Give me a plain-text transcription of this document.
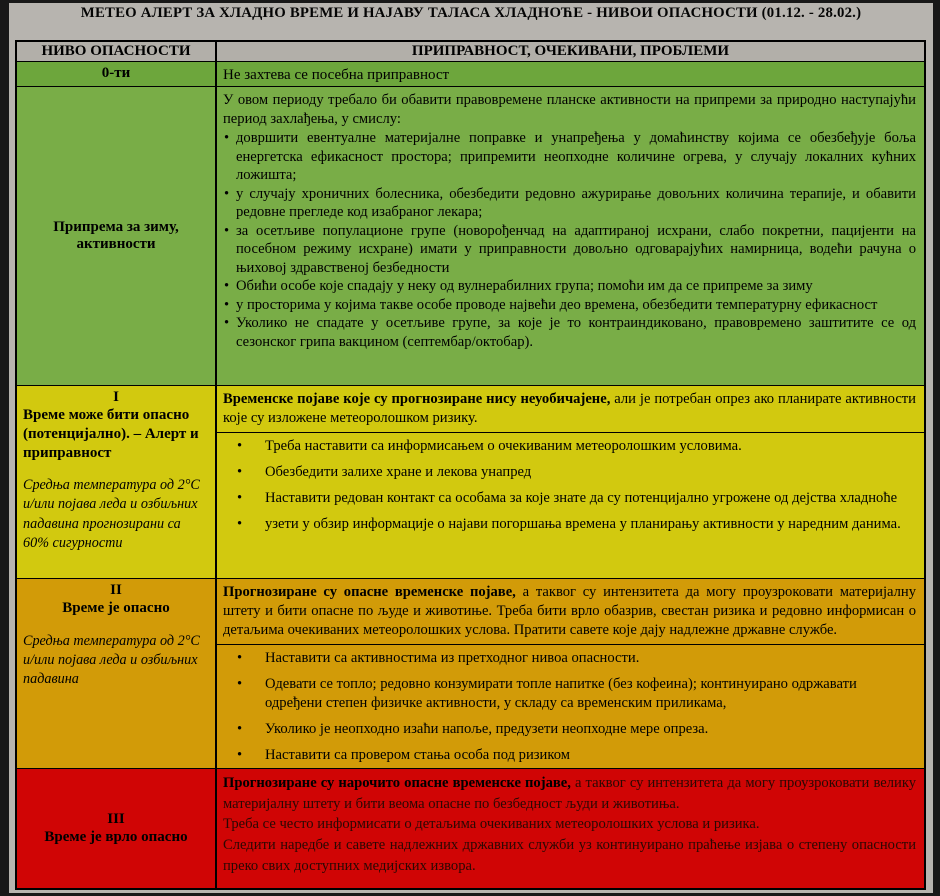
МЕТЕО АЛЕРТ ЗА ХЛАДНО ВРЕМЕ И НАЈАВУ ТАЛАСА ХЛАДНОЋЕ - НИВОИ ОПАСНОСТИ (01.12. - 28.02.)
НИВО ОПАСНОСТИ	ПРИПРАВНОСТ, ОЧЕКИВАНИ, ПРОБЛЕМИ
0-ти	Не захтева се посебна приправност
Припрема за зиму, активности
У овом периоду требало би обавити правовремене планске активности на припреми за природно наступајући период захлађења, у смислу:
• довршити евентуалне материјалне поправке и унапређења у домаћинству којима се обезбеђује боља енергетска ефикасност простора; припремити неопходне количине огрева, у случају локалних кућних ложишта;
• у случају хроничних болесника, обезбедити редовно ажурирање довољних количина терапије, и обавити редовне прегледе код изабраног лекара;
• за осетљиве популационе групе (новорођенчад на адаптираној исхрани, слабо покретни, пацијенти на посебном режиму исхране) имати у приправности довољно одговарајућих намирница, водећи рачуна о њиховој здравственој безбедности
• Обићи особе које спадају у неку од вулнерабилних група; помоћи им да се припреме за зиму
• у просторима у којима такве особе проводе највећи део времена, обезбедити температурну ефикасност
• Уколико не спадате у осетљиве групе, за које је то контраиндиковано, правовремено заштитите се од сезонског грипа вакцином (септембар/октобар).
I
Време може бити опасно (потенцијално). – Алерт и приправност
Средња температура од 2°С и/или појава леда и озбиљних падавина прогнозирани са 60% сигурности
Временске појаве које су прогнозиране нису неуобичајене, али је потребан опрез ако планирате активности које су изложене метеоролошком ризику.
• Треба наставити са информисањем о очекиваним метеоролошким условима.
• Обезбедити залихе хране и лекова унапред
• Наставити редован контакт са особама за које знате да су потенцијално угрожене од дејства хладноће
• узети у обзир информације о најави погоршања времена у планирању активности у наредним данима.
II
Време је опасно
Средња температура од 2°С и/или појава леда и озбиљних падавина
Прогнозиране су опасне временске појаве, а таквог су интензитета да могу проузроковати материјалну штету и бити опасне по људе и животиње. Треба бити врло обазрив, свестан ризика и редовно информисан о детаљима очекиваних метеоролошких услова. Пратити савете које дају надлежне државне службе.
• Наставити са активностима из претходног нивоа опасности.
• Одевати се топло; редовно конзумирати топле напитке (без кофеина); континуирано одржавати одређени степен физичке активности, у складу са временским приликама,
• Уколико је неопходно изаћи напоље, предузети неопходне мере опреза.
• Наставити са провером стања особа под ризиком
III
Време је врло опасно

Прогнозиране су нарочито опасне временске појаве, а таквог су интензитета да могу проузроковати велику материјалну штету и бити веома опасне по безбедност људи и животиња.

Треба се често информисати о детаљима очекиваних метеоролошких услова и ризика.

Следити наредбе и савете надлежних државних служби уз континуирано праћење изјава о степену опасности преко свих доступних медијских извора.
